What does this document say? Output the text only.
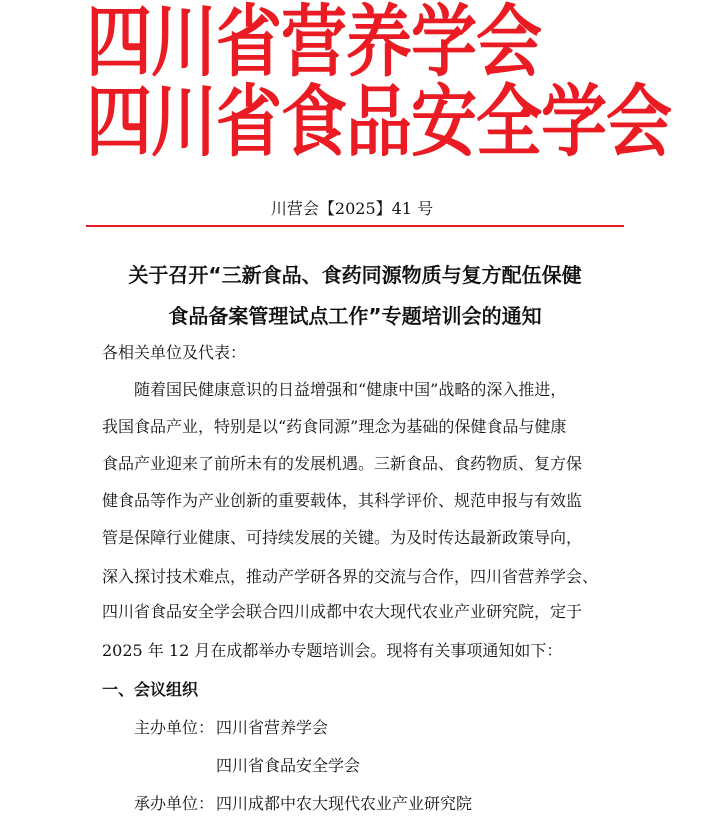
四川省营养学会
四川省食品安全学会
川营会【2025】41 号
关于召开“三新食品、食药同源物质与复方配伍保健
食品备案管理试点工作”专题培训会的通知
各相关单位及代表：
随着国民健康意识的日益增强和“健康中国”战略的深入推进，
我国食品产业，特别是以“药食同源”理念为基础的保健食品与健康
食品产业迎来了前所未有的发展机遇。三新食品、食药物质、复方保
健食品等作为产业创新的重要载体，其科学评价、规范申报与有效监
管是保障行业健康、可持续发展的关键。为及时传达最新政策导向，
深入探讨技术难点，推动产学研各界的交流与合作，四川省营养学会、
四川省食品安全学会联合四川成都中农大现代农业产业研究院，定于
2025 年 12 月在成都举办专题培训会。现将有关事项通知如下：
一、会议组织
主办单位： 四川省营养学会
四川省食品安全学会
承办单位： 四川成都中农大现代农业产业研究院
